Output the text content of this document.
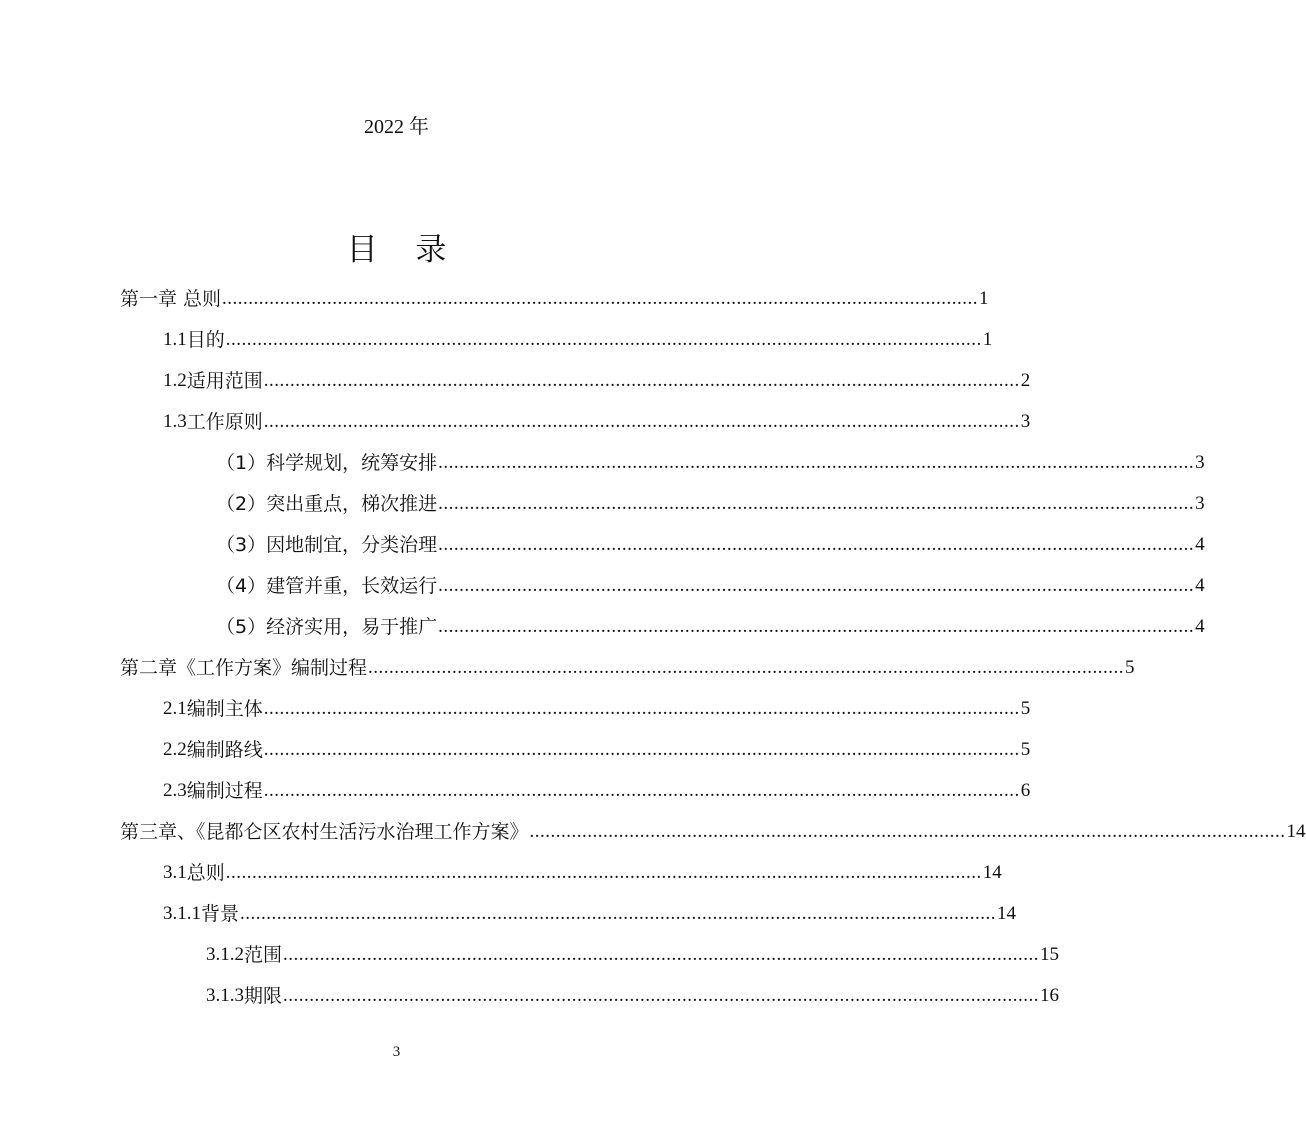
2022 年
目 录
第一章 总则 ................................................................................................................................................ 1
1.1 目的 ................................................................................................................................................ 1
1.2 适用范围 ................................................................................................................................................ 2
1.3 工作原则 ................................................................................................................................................ 3
（1）科学规划，统筹安排 ................................................................................................................................................ 3
（2）突出重点，梯次推进 ................................................................................................................................................ 3
（3）因地制宜，分类治理 ................................................................................................................................................ 4
（4）建管并重，长效运行 ................................................................................................................................................ 4
（5）经济实用，易于推广 ................................................................................................................................................ 4
第二章《工作方案》编制过程 ................................................................................................................................................ 5
2.1 编制主体 ................................................................................................................................................ 5
2.2 编制路线 ................................................................................................................................................ 5
2.3 编制过程 ................................................................................................................................................ 6
第三章、《昆都仑区农村生活污水治理工作方案》 ................................................................................................................................................ 14
3.1 总则 ................................................................................................................................................ 14
3.1.1 背景 ................................................................................................................................................ 14
3.1.2 范围 ................................................................................................................................................ 15
3.1.3 期限 ................................................................................................................................................ 16
3
